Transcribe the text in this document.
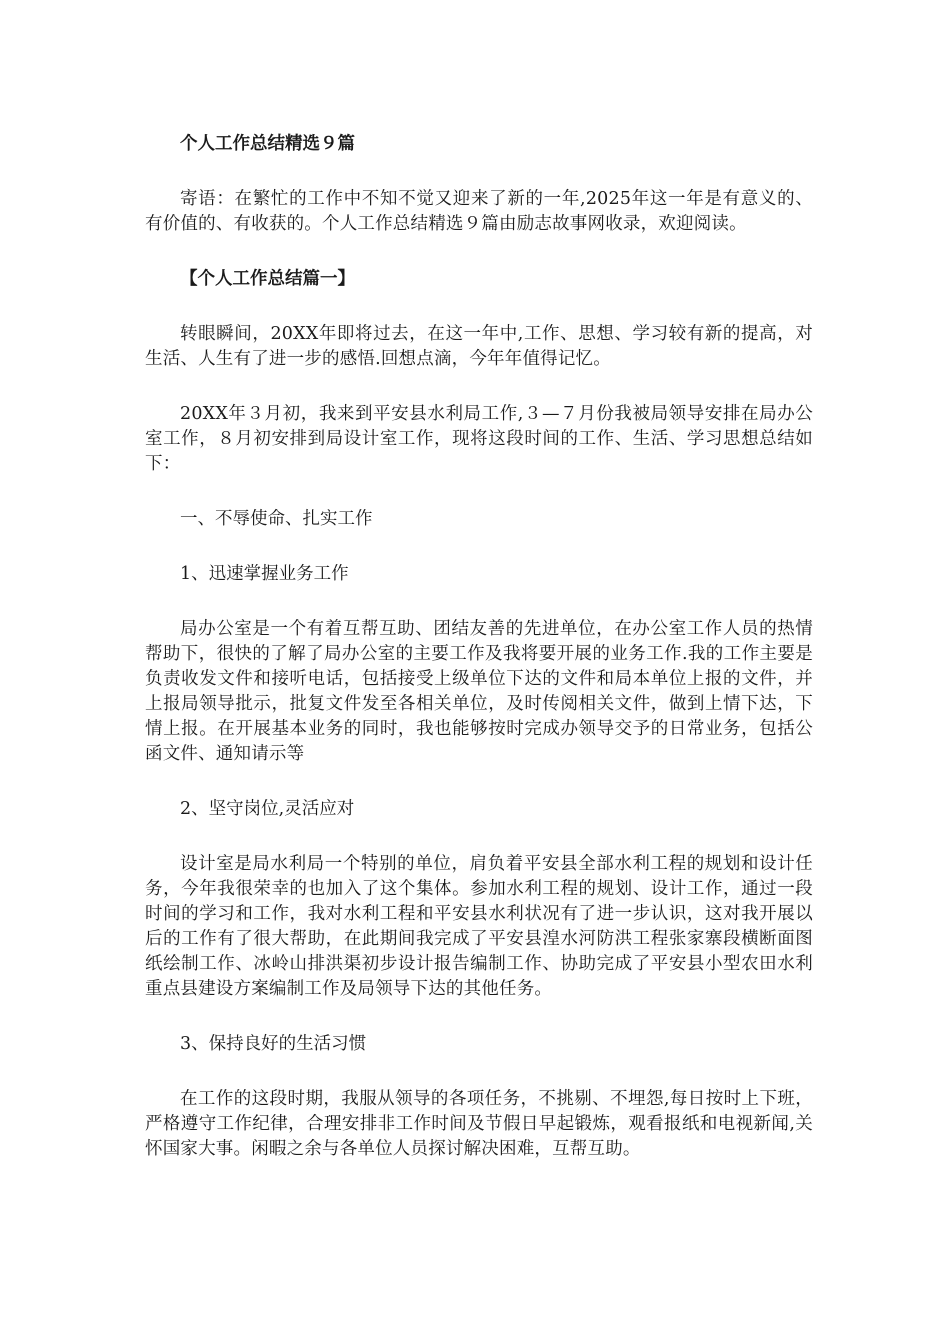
个人工作总结精选９篇

寄语：在繁忙的工作中不知不觉又迎来了新的一年,2025年这一年是有意义的、有价值的、有收获的。个人工作总结精选９篇由励志故事网收录，欢迎阅读。

【个人工作总结篇一】

转眼瞬间，20XX年即将过去，在这一年中,工作、思想、学习较有新的提高，对生活、人生有了进一步的感悟.回想点滴，今年年值得记忆。

20XX年３月初，我来到平安县水利局工作,３—７月份我被局领导安排在局办公室工作，８月初安排到局设计室工作，现将这段时间的工作、生活、学习思想总结如下：

一、不辱使命、扎实工作

1、迅速掌握业务工作

局办公室是一个有着互帮互助、团结友善的先进单位，在办公室工作人员的热情帮助下，很快的了解了局办公室的主要工作及我将要开展的业务工作.我的工作主要是负责收发文件和接听电话，包括接受上级单位下达的文件和局本单位上报的文件，并上报局领导批示，批复文件发至各相关单位，及时传阅相关文件，做到上情下达，下情上报。在开展基本业务的同时，我也能够按时完成办领导交予的日常业务，包括公函文件、通知请示等

2、坚守岗位,灵活应对

设计室是局水利局一个特别的单位，肩负着平安县全部水利工程的规划和设计任务，今年我很荣幸的也加入了这个集体。参加水利工程的规划、设计工作，通过一段时间的学习和工作，我对水利工程和平安县水利状况有了进一步认识，这对我开展以后的工作有了很大帮助，在此期间我完成了平安县湟水河防洪工程张家寨段横断面图纸绘制工作、冰岭山排洪渠初步设计报告编制工作、协助完成了平安县小型农田水利重点县建设方案编制工作及局领导下达的其他任务。

3、保持良好的生活习惯

在工作的这段时期，我服从领导的各项任务，不挑剔、不埋怨,每日按时上下班，严格遵守工作纪律，合理安排非工作时间及节假日早起锻炼，观看报纸和电视新闻,关怀国家大事。闲暇之余与各单位人员探讨解决困难，互帮互助。
